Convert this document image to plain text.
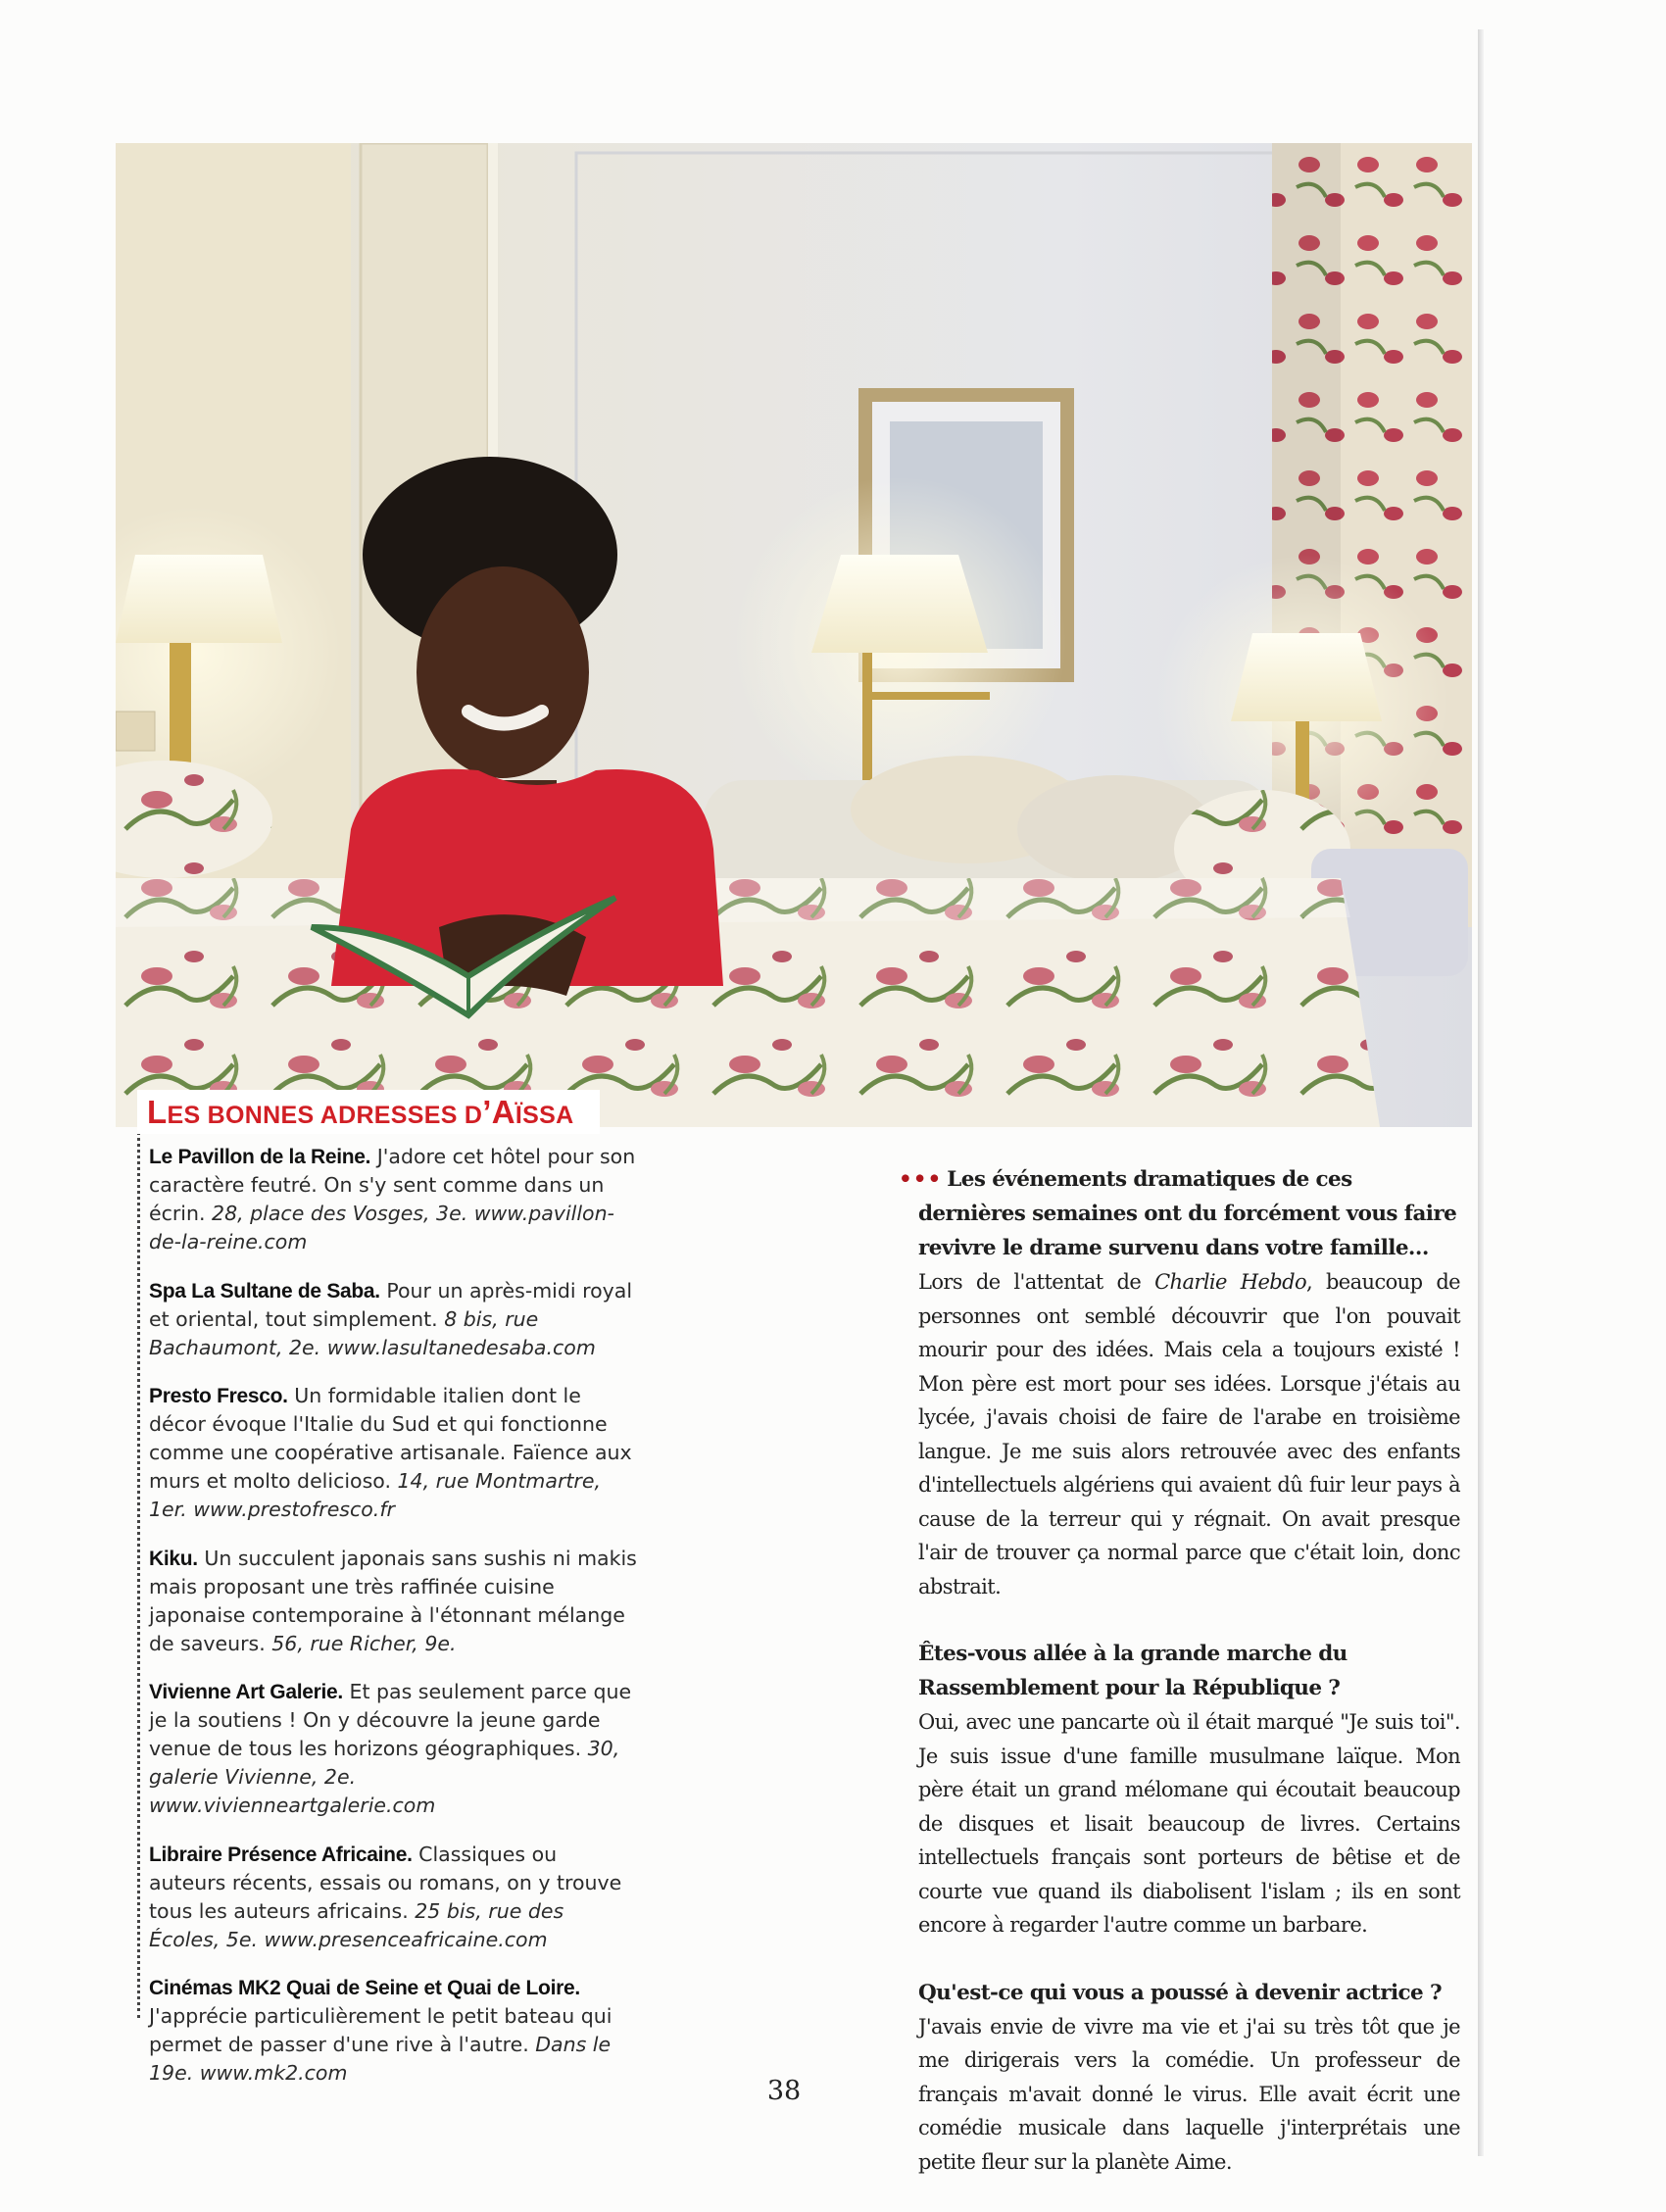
LES BONNES ADRESSES D’AÏSSA

Le Pavillon de la Reine. J'adore cet hôtel pour son caractère feutré. On s'y sent comme dans un écrin. 28, place des Vosges, 3e. www.pavillon-de-la-reine.com

Spa La Sultane de Saba. Pour un après-midi royal et oriental, tout simplement. 8 bis, rue Bachaumont, 2e. www.lasultanedesaba.com

Presto Fresco. Un formidable italien dont le décor évoque l'Italie du Sud et qui fonctionne comme une coopérative artisanale. Faïence aux murs et molto delicioso. 14, rue Montmartre, 1er. www.prestofresco.fr

Kiku. Un succulent japonais sans sushis ni makis mais proposant une très raffinée cuisine japonaise contemporaine à l'étonnant mélange de saveurs. 56, rue Richer, 9e.

Vivienne Art Galerie. Et pas seulement parce que je la soutiens ! On y découvre la jeune garde venue de tous les horizons géographiques. 30, galerie Vivienne, 2e. www.vivienneartgalerie.com

Libraire Présence Africaine. Classiques ou auteurs récents, essais ou romans, on y trouve tous les auteurs africains. 25 bis, rue des Écoles, 5e. www.presenceafricaine.com

Cinémas MK2 Quai de Seine et Quai de Loire. J'apprécie particulièrement le petit bateau qui permet de passer d'une rive à l'autre. Dans le 19e. www.mk2.com

••• Les événements dramatiques de ces dernières semaines ont du forcément vous faire revivre le drame survenu dans votre famille…

Lors de l'attentat de Charlie Hebdo, beaucoup de personnes ont semblé découvrir que l'on pouvait mourir pour des idées. Mais cela a toujours existé ! Mon père est mort pour ses idées. Lorsque j'étais au lycée, j'avais choisi de faire de l'arabe en troisième langue. Je me suis alors retrouvée avec des enfants d'intellectuels algériens qui avaient dû fuir leur pays à cause de la terreur qui y régnait. On avait presque l'air de trouver ça normal parce que c'était loin, donc abstrait.

Êtes-vous allée à la grande marche du Rassemblement pour la République ?

Oui, avec une pancarte où il était marqué "Je suis toi". Je suis issue d'une famille musulmane laïque. Mon père était un grand mélomane qui écoutait beaucoup de disques et lisait beaucoup de livres. Certains intellectuels français sont porteurs de bêtise et de courte vue quand ils diabolisent l'islam ; ils en sont encore à regarder l'autre comme un barbare.

Qu'est-ce qui vous a poussé à devenir actrice ?

J'avais envie de vivre ma vie et j'ai su très tôt que je me dirigerais vers la comédie. Un professeur de français m'avait donné le virus. Elle avait écrit une comédie musicale dans laquelle j'interprétais une petite fleur sur la planète Aime.

38
